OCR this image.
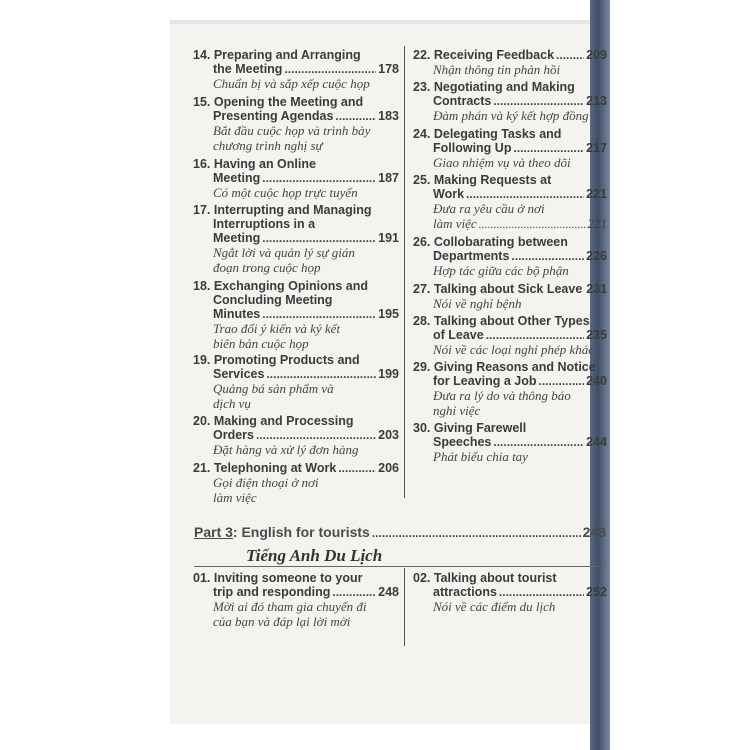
14. Preparing and Arranging
the Meeting .....	178
Chuẩn bị và sắp xếp cuộc họp
15. Opening the Meeting and
Presenting Agendas .....	183
Bắt đầu cuộc họp và trình bày
chương trình nghị sự
16. Having an Online
Meeting .....	187
Có một cuộc họp trực tuyến
17. Interrupting and Managing
Interruptions in a
Meeting .....	191
Ngắt lời và quản lý sự gián
đoạn trong cuộc họp
18. Exchanging Opinions and
Concluding Meeting
Minutes .....	195
Trao đổi ý kiến và ký kết
biên bản cuộc họp
19. Promoting Products and
Services .....	199
Quảng bá sản phẩm và
dịch vụ
20. Making and Processing
Orders .....	203
Đặt hàng và xử lý đơn hàng
21. Telephoning at Work .....	206
Gọi điện thoại ở nơi
làm việc
22. Receiving Feedback .....	209
Nhận thông tin phản hồi
23. Negotiating and Making
Contracts .....	213
Đàm phán và ký kết hợp đồng
24. Delegating Tasks and
Following Up .....	217
Giao nhiệm vụ và theo dõi
25. Making Requests at
Work .....	221
Đưa ra yêu cầu ở nơi
làm việc .....	221
26. Collobarating between
Departments .....	226
Hợp tác giữa các bộ phận
27. Talking about Sick Leave 231
Nói về nghỉ bệnh
28. Talking about Other Types
of Leave .....	235
Nói về các loại nghỉ phép khác
29. Giving Reasons and Notice
for Leaving a Job .....	240
Đưa ra lý do và thông báo
nghỉ việc
30. Giving Farewell
Speeches .....	244
Phát biểu chia tay
01. Inviting someone to your
trip and responding .....	248
Mời ai đó tham gia chuyến đi
của bạn và đáp lại lời mời
02. Talking about tourist
attractions .....	252
Nói về các điểm du lịch
Part 3 : English for tourists .....	248
Tiếng Anh Du Lịch
